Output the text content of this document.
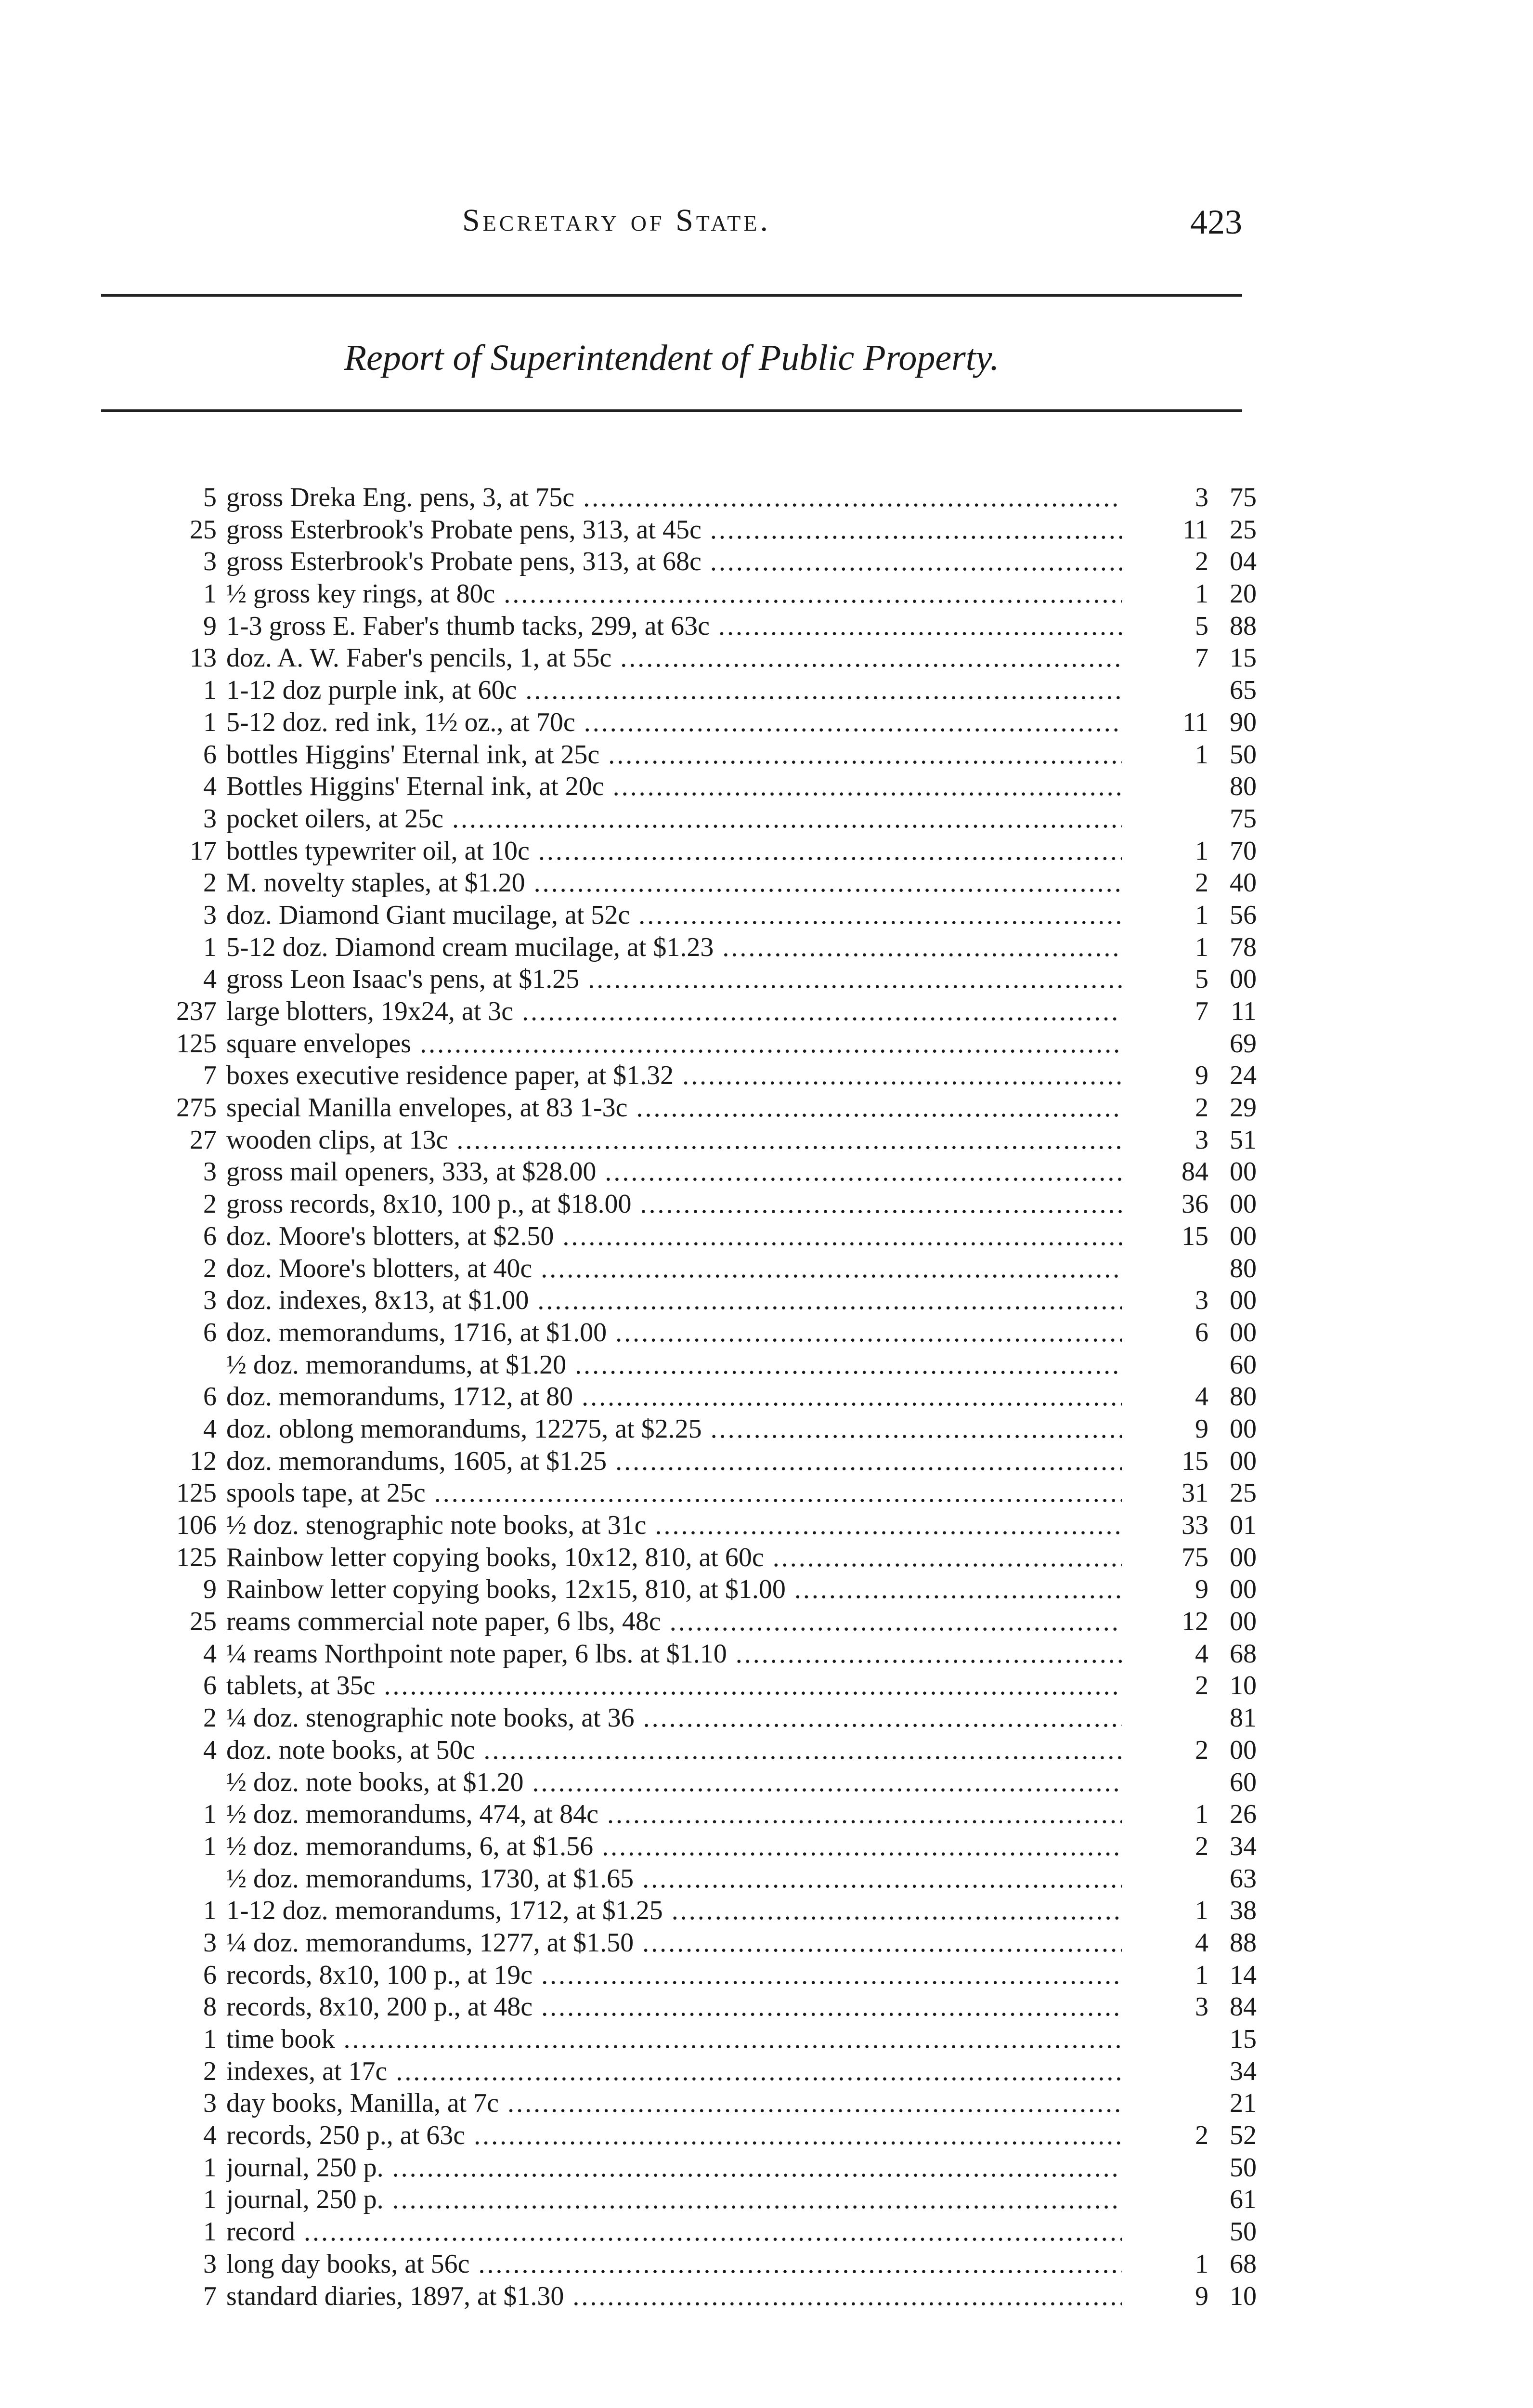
Secretary of State.	423
Report of Superintendent of Public Property.
5 gross Dreka Eng. pens, 3, at 75c .....	3 75
25 gross Esterbrook's Probate pens, 313, at 45c .....	11 25
3 gross Esterbrook's Probate pens, 313, at 68c .....	2 04
1 ½ gross key rings, at 80c .....	1 20
9 1-3 gross E. Faber's thumb tacks, 299, at 63c .....	5 88
13 doz. A. W. Faber's pencils, 1, at 55c .....	7 15
1 1-12 doz purple ink, at 60c .....	65
1 5-12 doz. red ink, 1½ oz., at 70c .....	11 90
6 bottles Higgins' Eternal ink, at 25c .....	1 50
4 Bottles Higgins' Eternal ink, at 20c .....	80
3 pocket oilers, at 25c .....	75
17 bottles typewriter oil, at 10c .....	1 70
2 M. novelty staples, at $1.20 .....	2 40
3 doz. Diamond Giant mucilage, at 52c .....	1 56
1 5-12 doz. Diamond cream mucilage, at $1.23 .....	1 78
4 gross Leon Isaac's pens, at $1.25 .....	5 00
237 large blotters, 19x24, at 3c .....	7 11
125 square envelopes .....	69
7 boxes executive residence paper, at $1.32 .....	9 24
275 special Manilla envelopes, at 83 1-3c .....	2 29
27 wooden clips, at 13c .....	3 51
3 gross mail openers, 333, at $28.00 .....	84 00
2 gross records, 8x10, 100 p., at $18.00 .....	36 00
6 doz. Moore's blotters, at $2.50 .....	15 00
2 doz. Moore's blotters, at 40c .....	80
3 doz. indexes, 8x13, at $1.00 .....	3 00
6 doz. memorandums, 1716, at $1.00 .....	6 00
½ doz. memorandums, at $1.20 .....	60
6 doz. memorandums, 1712, at 80 .....	4 80
4 doz. oblong memorandums, 12275, at $2.25 .....	9 00
12 doz. memorandums, 1605, at $1.25 .....	15 00
125 spools tape, at 25c .....	31 25
106 ½ doz. stenographic note books, at 31c .....	33 01
125 Rainbow letter copying books, 10x12, 810, at 60c .....	75 00
9 Rainbow letter copying books, 12x15, 810, at $1.00 .....	9 00
25 reams commercial note paper, 6 lbs, 48c .....	12 00
4 ¼ reams Northpoint note paper, 6 lbs. at $1.10 .....	4 68
6 tablets, at 35c .....	2 10
2 ¼ doz. stenographic note books, at 36 .....	81
4 doz. note books, at 50c .....	2 00
½ doz. note books, at $1.20 .....	60
1 ½ doz. memorandums, 474, at 84c .....	1 26
1 ½ doz. memorandums, 6, at $1.56 .....	2 34
½ doz. memorandums, 1730, at $1.65 .....	63
1 1-12 doz. memorandums, 1712, at $1.25 .....	1 38
3 ¼ doz. memorandums, 1277, at $1.50 .....	4 88
6 records, 8x10, 100 p., at 19c .....	1 14
8 records, 8x10, 200 p., at 48c .....	3 84
1 time book .....	15
2 indexes, at 17c .....	34
3 day books, Manilla, at 7c .....	21
4 records, 250 p., at 63c .....	2 52
1 journal, 250 p. .....	50
1 journal, 250 p. .....	61
1 record .....	50
3 long day books, at 56c .....	1 68
7 standard diaries, 1897, at $1.30 .....	9 10
